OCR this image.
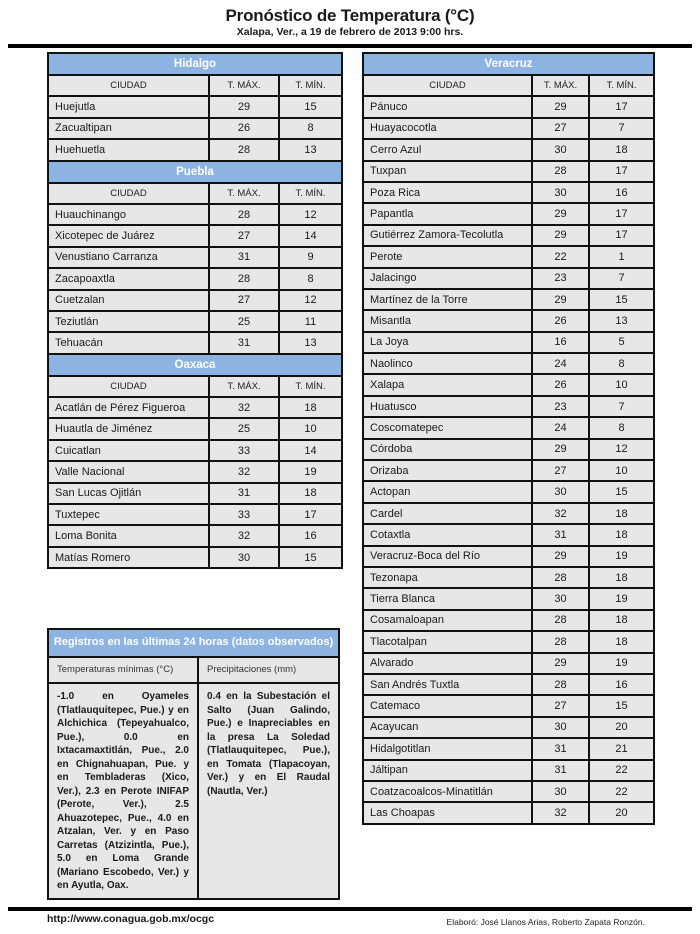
Pronóstico de Temperatura (°C)
Xalapa, Ver., a 19 de febrero de 2013 9:00 hrs.
Hidalgo		
CIUDAD	T. MÁX.	T. MÍN.
Huejutla	29	15
Zacualtipan	26	8
Huehuetla	28	13
Puebla		
CIUDAD	T. MÁX.	T. MÍN.
Huauchinango	28	12
Xicotepec de Juárez	27	14
Venustiano Carranza	31	9
Zacapoaxtla	28	8
Cuetzalan	27	12
Teziutlán	25	11
Tehuacán	31	13
Oaxaca		
CIUDAD	T. MÁX.	T. MÍN.
Acatlán de Pérez Figueroa	32	18
Huautla de Jiménez	25	10
Cuicatlan	33	14
Valle Nacional	32	19
San Lucas Ojitlán	31	18
Tuxtepec	33	17
Loma Bonita	32	16
Matías Romero	30	15
Veracruz		
CIUDAD	T. MÁX.	T. MÍN.
Pánuco	29	17
Huayacocotla	27	7
Cerro Azul	30	18
Tuxpan	28	17
Poza Rica	30	16
Papantla	29	17
Gutiérrez Zamora-Tecolutla	29	17
Perote	22	1
Jalacingo	23	7
Martínez de la Torre	29	15
Misantla	26	13
La Joya	16	5
Naolinco	24	8
Xalapa	26	10
Huatusco	23	7
Coscomatepec	24	8
Córdoba	29	12
Orizaba	27	10
Actopan	30	15
Cardel	32	18
Cotaxtla	31	18
Veracruz-Boca del Río	29	19
Tezonapa	28	18
Tierra Blanca	30	19
Cosamaloapan	28	18
Tlacotalpan	28	18
Alvarado	29	19
San Andrés Tuxtla	28	16
Catemaco	27	15
Acayucan	30	20
Hidalgotitlan	31	21
Jáltipan	31	22
Coatzacoalcos-Minatitlán	30	22
Las Choapas	32	20
Registros en las últimas 24 horas (datos observados)
Temperaturas mínimas (°C)	Precipitaciones (mm)

-1.0 en Oyameles (Tlatlauquitepec, Pue.) y en Alchichica (Tepeyahualco, Pue.), 0.0 en Ixtacamaxtitlán, Pue., 2.0 en Chignahuapan, Pue. y en Tembladeras (Xico, Ver.), 2.3 en Perote INIFAP (Perote, Ver.), 2.5 Ahuazotepec, Pue., 4.0 en Atzalan, Ver. y en Paso Carretas (Atzizintla, Pue.), 5.0 en Loma Grande (Mariano Escobedo, Ver.) y en Ayutla, Oax.

0.4 en la Subestación el Salto (Juan Galindo, Pue.) e Inapreciables en la presa La Soledad (Tlatlauquitepec, Pue.), en Tomata (Tlapacoyan, Ver.) y en El Raudal (Nautla, Ver.)

http://www.conagua.gob.mx/ocgc	Elaboró: José Llanos Arias, Roberto Zapata Ronzón.
